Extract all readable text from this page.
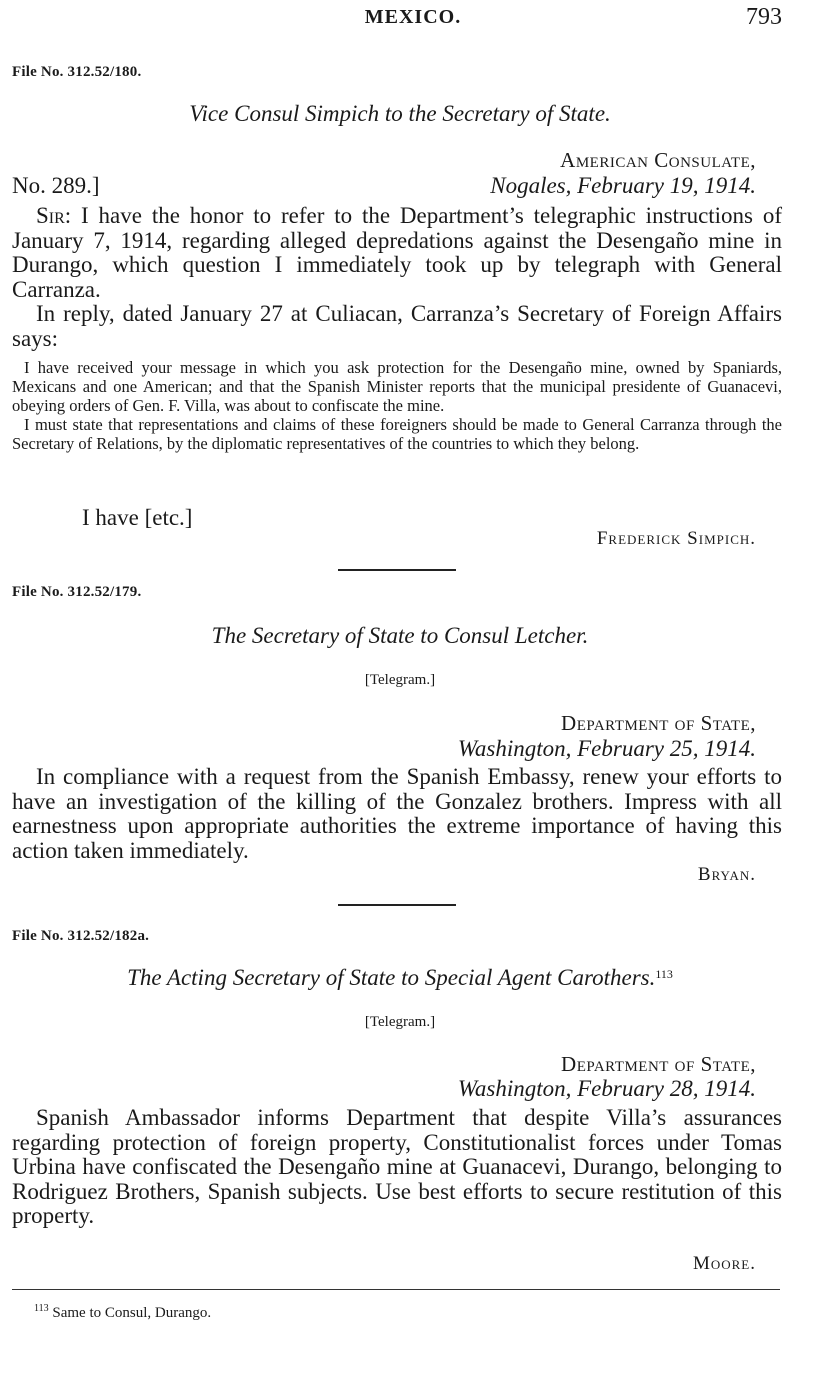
MEXICO.	793
File No. 312.52/180.
Vice Consul Simpich to the Secretary of State.
American Consulate,
No. 289.]	Nogales, February 19, 1914.

Sir: I have the honor to refer to the Department’s telegraphic instructions of January 7, 1914, regarding alleged depredations against the Desengaño mine in Durango, which question I immediately took up by telegraph with General Carranza.

In reply, dated January 27 at Culiacan, Carranza’s Secretary of Foreign Affairs says:

I have received your message in which you ask protection for the Desengaño mine, owned by Spaniards, Mexicans and one American; and that the Spanish Minister reports that the municipal presidente of Guanacevi, obeying orders of Gen. F. Villa, was about to confiscate the mine.

I must state that representations and claims of these foreigners should be made to General Carranza through the Secretary of Relations, by the diplomatic representatives of the countries to which they belong.

I have [etc.]
Frederick Simpich.
File No. 312.52/179.
The Secretary of State to Consul Letcher.
[Telegram.]
Department of State,
Washington, February 25, 1914.

In compliance with a request from the Spanish Embassy, renew your efforts to have an investigation of the killing of the Gonzalez brothers. Impress with all earnestness upon appropriate authorities the extreme importance of having this action taken immediately.

Bryan.
File No. 312.52/182a.
The Acting Secretary of State to Special Agent Carothers.$^{113}$
[Telegram.]
Department of State,
Washington, February 28, 1914.

Spanish Ambassador informs Department that despite Villa’s assurances regarding protection of foreign property, Constitutionalist forces under Tomas Urbina have confiscated the Desengaño mine at Guanacevi, Durango, belonging to Rodriguez Brothers, Spanish subjects. Use best efforts to secure restitution of this property.

Moore.
$^{113}$ Same to Consul, Durango.
